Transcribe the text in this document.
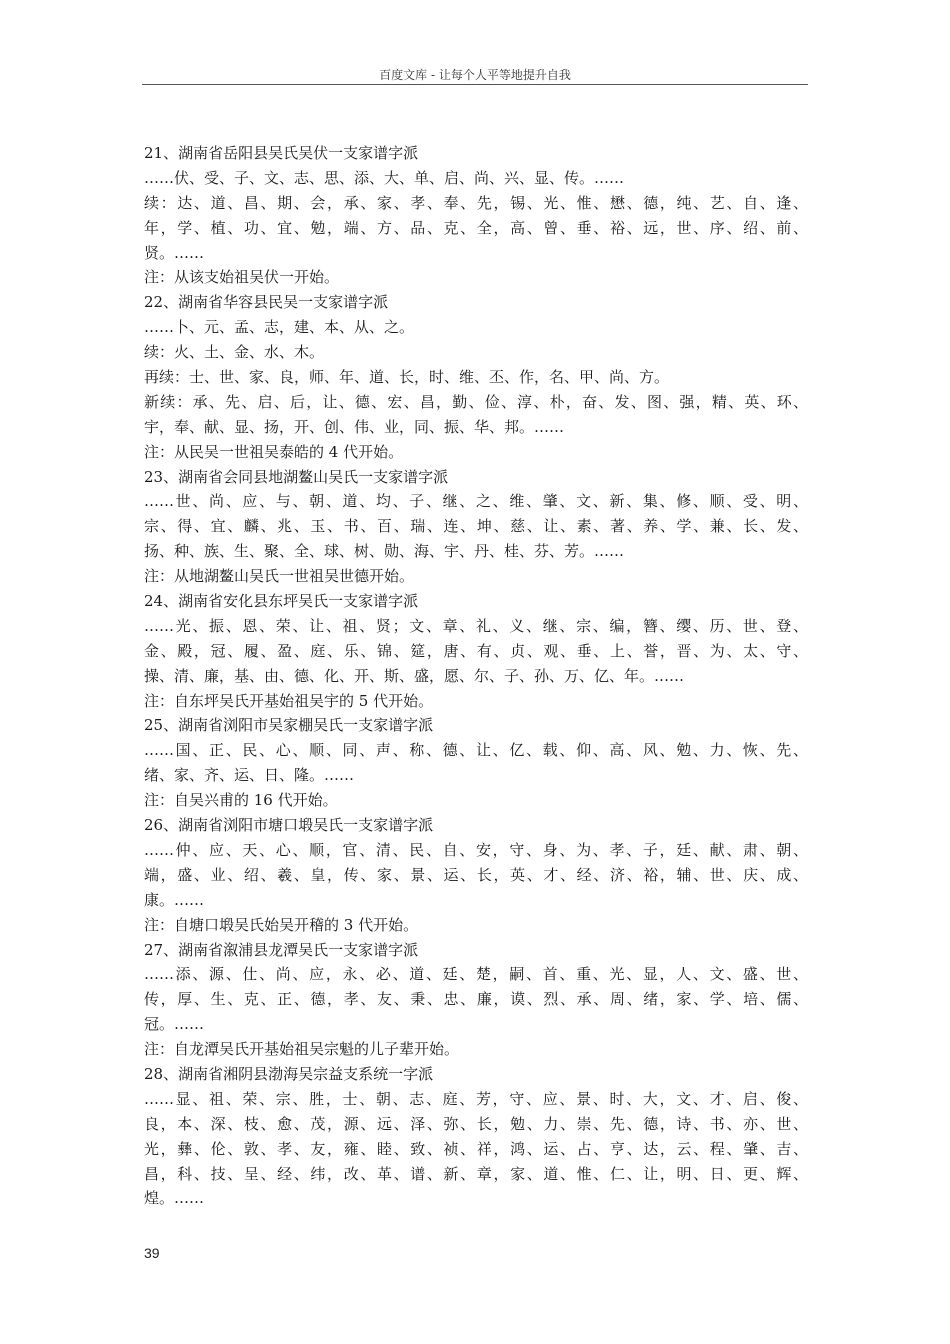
百度文库 - 让每个人平等地提升自我
21、湖南省岳阳县吴氏吴伏一支家谱字派
……伏、受、子、文、志、思、添、大、单、启、尚、兴、显、传。……
续：达、道、昌、期、会，承、家、孝、奉、先，锡、光、惟、懋、德，纯、艺、自、逢、
年，学、植、功、宜、勉，端、方、品、克、全，高、曾、垂、裕、远，世、序、绍、前、
贤。……
注：从该支始祖吴伏一开始。
22、湖南省华容县民吴一支家谱字派
……卜、元、孟、志，建、本、从、之。
续：火、土、金、水、木。
再续：士、世、家、良，师、年、道、长，时、维、丕、作，名、甲、尚、方。
新续：承、先、启、后，让、德、宏、昌，勤、俭、淳、朴，奋、发、图、强，精、英、环、
宇，奉、献、显、扬，开、创、伟、业，同、振、华、邦。……
注：从民吴一世祖吴泰皓的 4 代开始。
23、湖南省会同县地湖鳌山吴氏一支家谱字派
……世、尚、应、与、朝、道、均、子、继、之、维、肇、文、新、集、修、顺、受、明、
宗、得、宜、麟、兆、玉、书、百、瑞、连、坤、慈、让、素、著、养、学、兼、长、发、
扬、种、族、生、聚、全、球、树、勋、海、宇、丹、桂、芬、芳。……
注：从地湖鳌山吴氏一世祖吴世德开始。
24、湖南省安化县东坪吴氏一支家谱字派
……光、振、恩、荣、让、祖、贤；文、章、礼、义、继、宗、编，簪、缨、历、世、登、
金、殿，冠、履、盈、庭、乐、锦、筵，唐、有、贞、观、垂、上、誉，晋、为、太、守、
操、清、廉，基、由、德、化、开、斯、盛，愿、尔、子、孙、万、亿、年。……
注：自东坪吴氏开基始祖吴宇的 5 代开始。
25、湖南省浏阳市吴家棚吴氏一支家谱字派
……国、正、民、心、顺、同、声、称、德、让、亿、载、仰、高、风、勉、力、恢、先、
绪、家、齐、运、日、隆。……
注：自吴兴甫的 16 代开始。
26、湖南省浏阳市塘口塅吴氏一支家谱字派
……仲、应、天、心、顺，官、清、民、自、安，守、身、为、孝、子，廷、献、肃、朝、
端，盛、业、绍、羲、皇，传、家、景、运、长，英、才、经、济、裕，辅、世、庆、成、
康。……
注：自塘口塅吴氏始吴开稽的 3 代开始。
27、湖南省溆浦县龙潭吴氏一支家谱字派
……添、源、仕、尚、应，永、必、道、廷、楚，嗣、首、重、光、显，人、文、盛、世、
传，厚、生、克、正、德，孝、友、秉、忠、廉，谟、烈、承、周、绪，家、学、培、儒、
冠。……
注：自龙潭吴氏开基始祖吴宗魁的儿子辈开始。
28、湖南省湘阴县渤海吴宗益支系统一字派
……显、祖、荣、宗、胜，士、朝、志、庭、芳，守、应、景、时、大，文、才、启、俊、
良，本、深、枝、愈、茂，源、远、泽、弥、长，勉、力、崇、先、德，诗、书、亦、世、
光，彝、伦、敦、孝、友，雍、睦、致、祯、祥，鸿、运、占、亨、达，云、程、肇、吉、
昌，科、技、呈、经、纬，改、革、谱、新、章，家、道、惟、仁、让，明、日、更、辉、
煌。……
39
